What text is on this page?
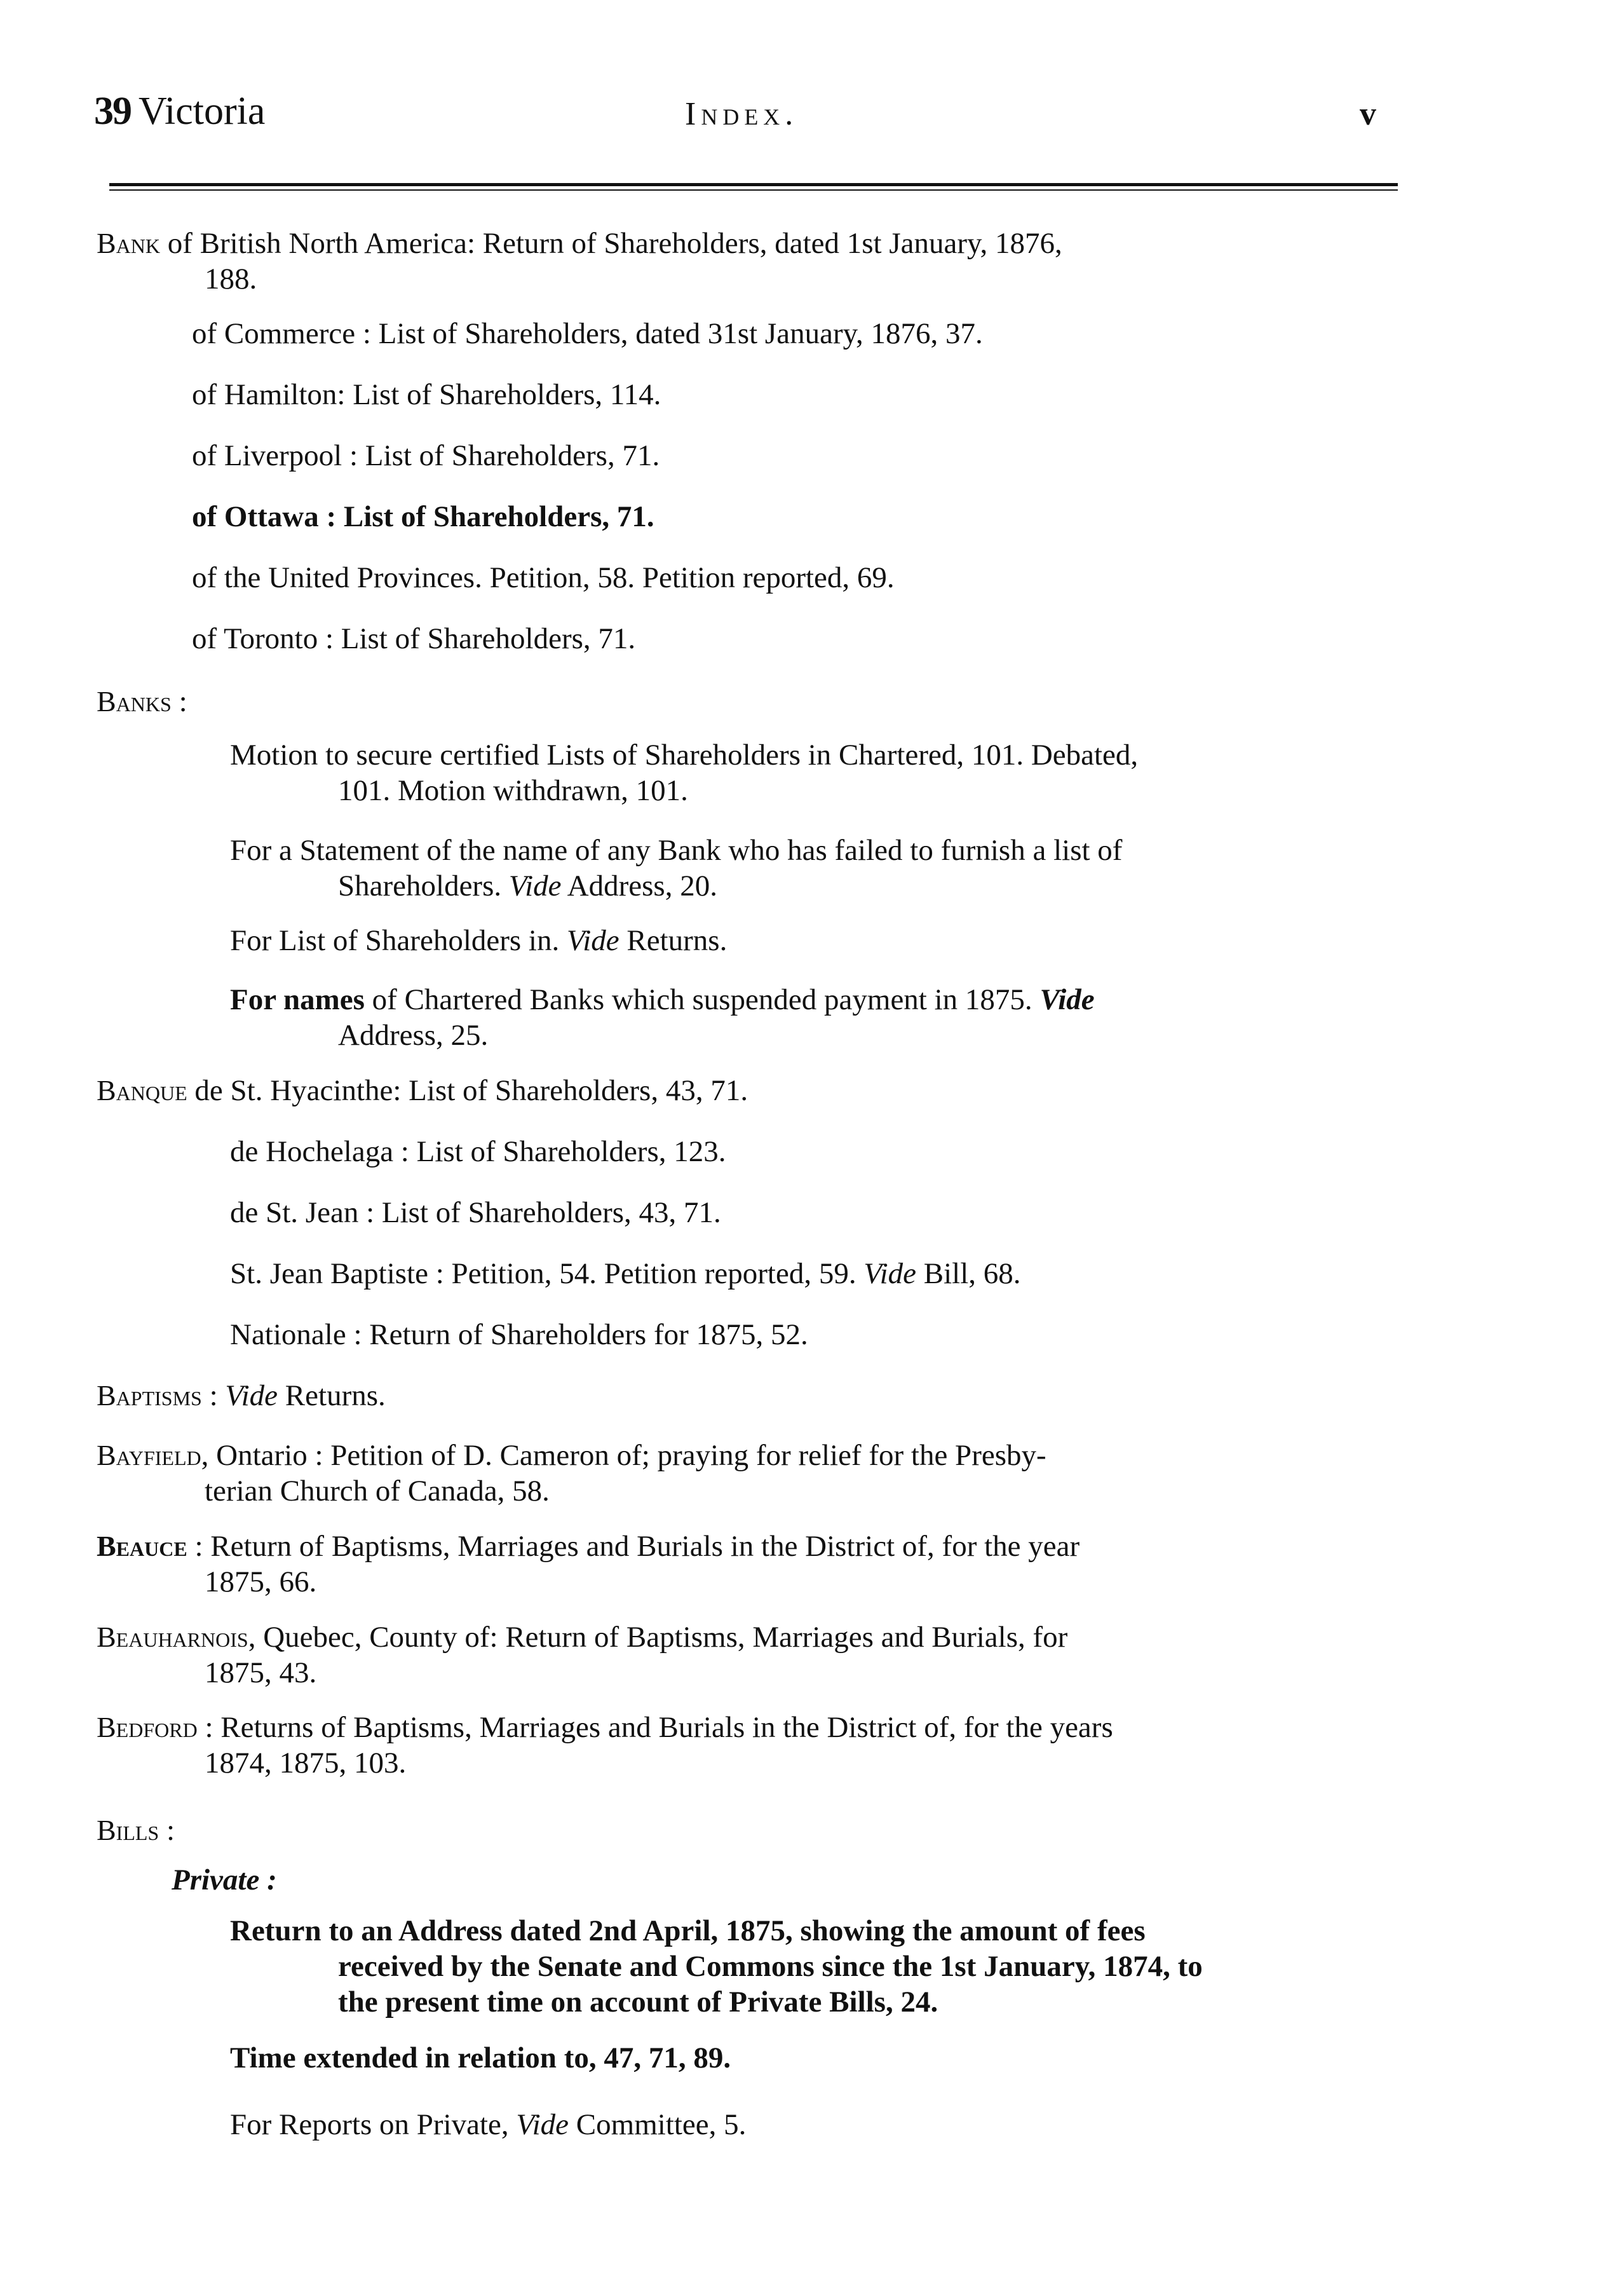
39 Victoria	Index.	v
Bank of British North America: Return of Shareholders, dated 1st January, 1876,
188.
of Commerce : List of Shareholders, dated 31st January, 1876, 37.
of Hamilton: List of Shareholders, 114.
of Liverpool : List of Shareholders, 71.
of Ottawa : List of Shareholders, 71.
of the United Provinces. Petition, 58. Petition reported, 69.
of Toronto : List of Shareholders, 71.
Banks :
Motion to secure certified Lists of Shareholders in Chartered, 101. Debated,
101. Motion withdrawn, 101.
For a Statement of the name of any Bank who has failed to furnish a list of
Shareholders. Vide Address, 20.
For List of Shareholders in. Vide Returns.
For names of Chartered Banks which suspended payment in 1875. Vide
Address, 25.
Banque de St. Hyacinthe: List of Shareholders, 43, 71.
de Hochelaga : List of Shareholders, 123.
de St. Jean : List of Shareholders, 43, 71.
St. Jean Baptiste : Petition, 54. Petition reported, 59. Vide Bill, 68.
Nationale : Return of Shareholders for 1875, 52.
Baptisms : Vide Returns.
Bayfield, Ontario : Petition of D. Cameron of; praying for relief for the Presby-
terian Church of Canada, 58.
Beauce : Return of Baptisms, Marriages and Burials in the District of, for the year
1875, 66.
Beauharnois, Quebec, County of: Return of Baptisms, Marriages and Burials, for
1875, 43.
Bedford : Returns of Baptisms, Marriages and Burials in the District of, for the years
1874, 1875, 103.
Bills :
Private :
Return to an Address dated 2nd April, 1875, showing the amount of fees
received by the Senate and Commons since the 1st January, 1874, to
the present time on account of Private Bills, 24.
Time extended in relation to, 47, 71, 89.
For Reports on Private, Vide Committee, 5.
